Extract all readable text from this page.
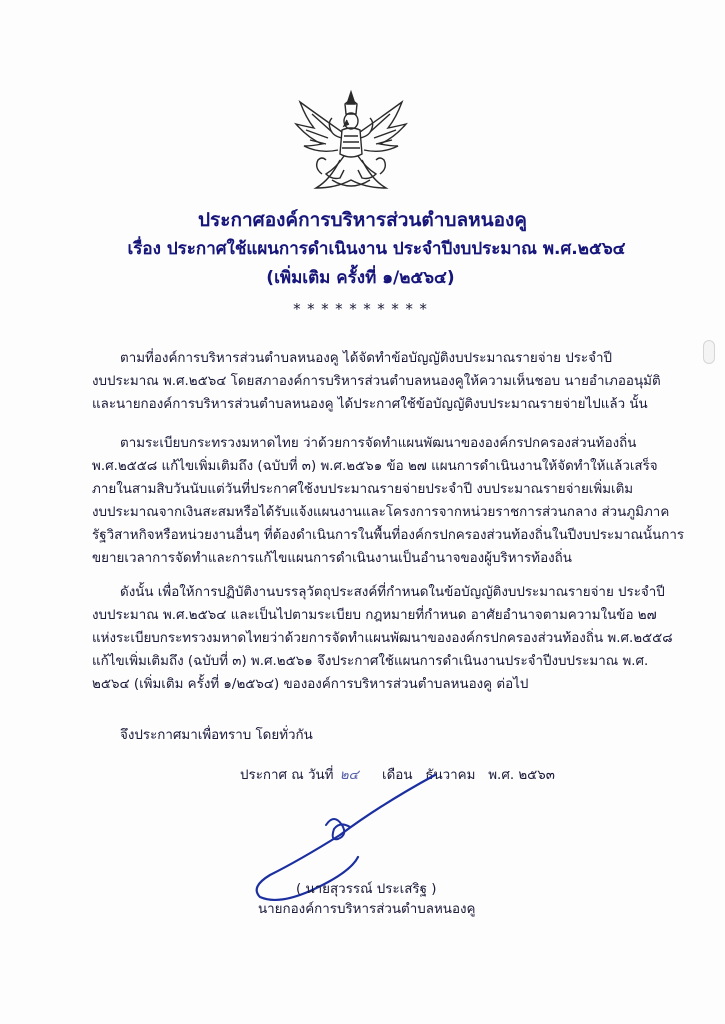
ประกาศองค์การบริหารส่วนตำบลหนองคู
เรื่อง ประกาศใช้แผนการดำเนินงาน ประจำปีงบประมาณ พ.ศ.๒๕๖๔
(เพิ่มเติม ครั้งที่ ๑/๒๕๖๔)
**********
ตามที่องค์การบริหารส่วนตำบลหนองคู ได้จัดทำข้อบัญญัติงบประมาณรายจ่าย ประจำปี
งบประมาณ พ.ศ.๒๕๖๔ โดยสภาองค์การบริหารส่วนตำบลหนองคูให้ความเห็นชอบ นายอำเภออนุมัติ
และนายกองค์การบริหารส่วนตำบลหนองคู ได้ประกาศใช้ข้อบัญญัติงบประมาณรายจ่ายไปแล้ว นั้น
ตามระเบียบกระทรวงมหาดไทย ว่าด้วยการจัดทำแผนพัฒนาขององค์กรปกครองส่วนท้องถิ่น
พ.ศ.๒๕๕๘ แก้ไขเพิ่มเติมถึง (ฉบับที่ ๓) พ.ศ.๒๕๖๑ ข้อ ๒๗ แผนการดำเนินงานให้จัดทำให้แล้วเสร็จ
ภายในสามสิบวันนับแต่วันที่ประกาศใช้งบประมาณรายจ่ายประจำปี งบประมาณรายจ่ายเพิ่มเติม
งบประมาณจากเงินสะสมหรือได้รับแจ้งแผนงานและโครงการจากหน่วยราชการส่วนกลาง ส่วนภูมิภาค
รัฐวิสาหกิจหรือหน่วยงานอื่นๆ ที่ต้องดำเนินการในพื้นที่องค์กรปกครองส่วนท้องถิ่นในปีงบประมาณนั้นการ
ขยายเวลาการจัดทำและการแก้ไขแผนการดำเนินงานเป็นอำนาจของผู้บริหารท้องถิ่น
ดังนั้น เพื่อให้การปฏิบัติงานบรรลุวัตถุประสงค์ที่กำหนดในข้อบัญญัติงบประมาณรายจ่าย ประจำปี
งบประมาณ พ.ศ.๒๕๖๔ และเป็นไปตามระเบียบ กฎหมายที่กำหนด อาศัยอำนาจตามความในข้อ ๒๗
แห่งระเบียบกระทรวงมหาดไทยว่าด้วยการจัดทำแผนพัฒนาขององค์กรปกครองส่วนท้องถิ่น พ.ศ.๒๕๕๘
แก้ไขเพิ่มเติมถึง (ฉบับที่ ๓) พ.ศ.๒๕๖๑ จึงประกาศใช้แผนการดำเนินงานประจำปีงบประมาณ พ.ศ.
๒๕๖๔ (เพิ่มเติม ครั้งที่ ๑/๒๕๖๔) ขององค์การบริหารส่วนตำบลหนองคู ต่อไป
จึงประกาศมาเพื่อทราบ โดยทั่วกัน
ประกาศ ณ วันที่ ๒๔ เดือน ธันวาคม พ.ศ. ๒๕๖๓
( นายสุวรรณ์ ประเสริฐ )
นายกองค์การบริหารส่วนตำบลหนองคู
